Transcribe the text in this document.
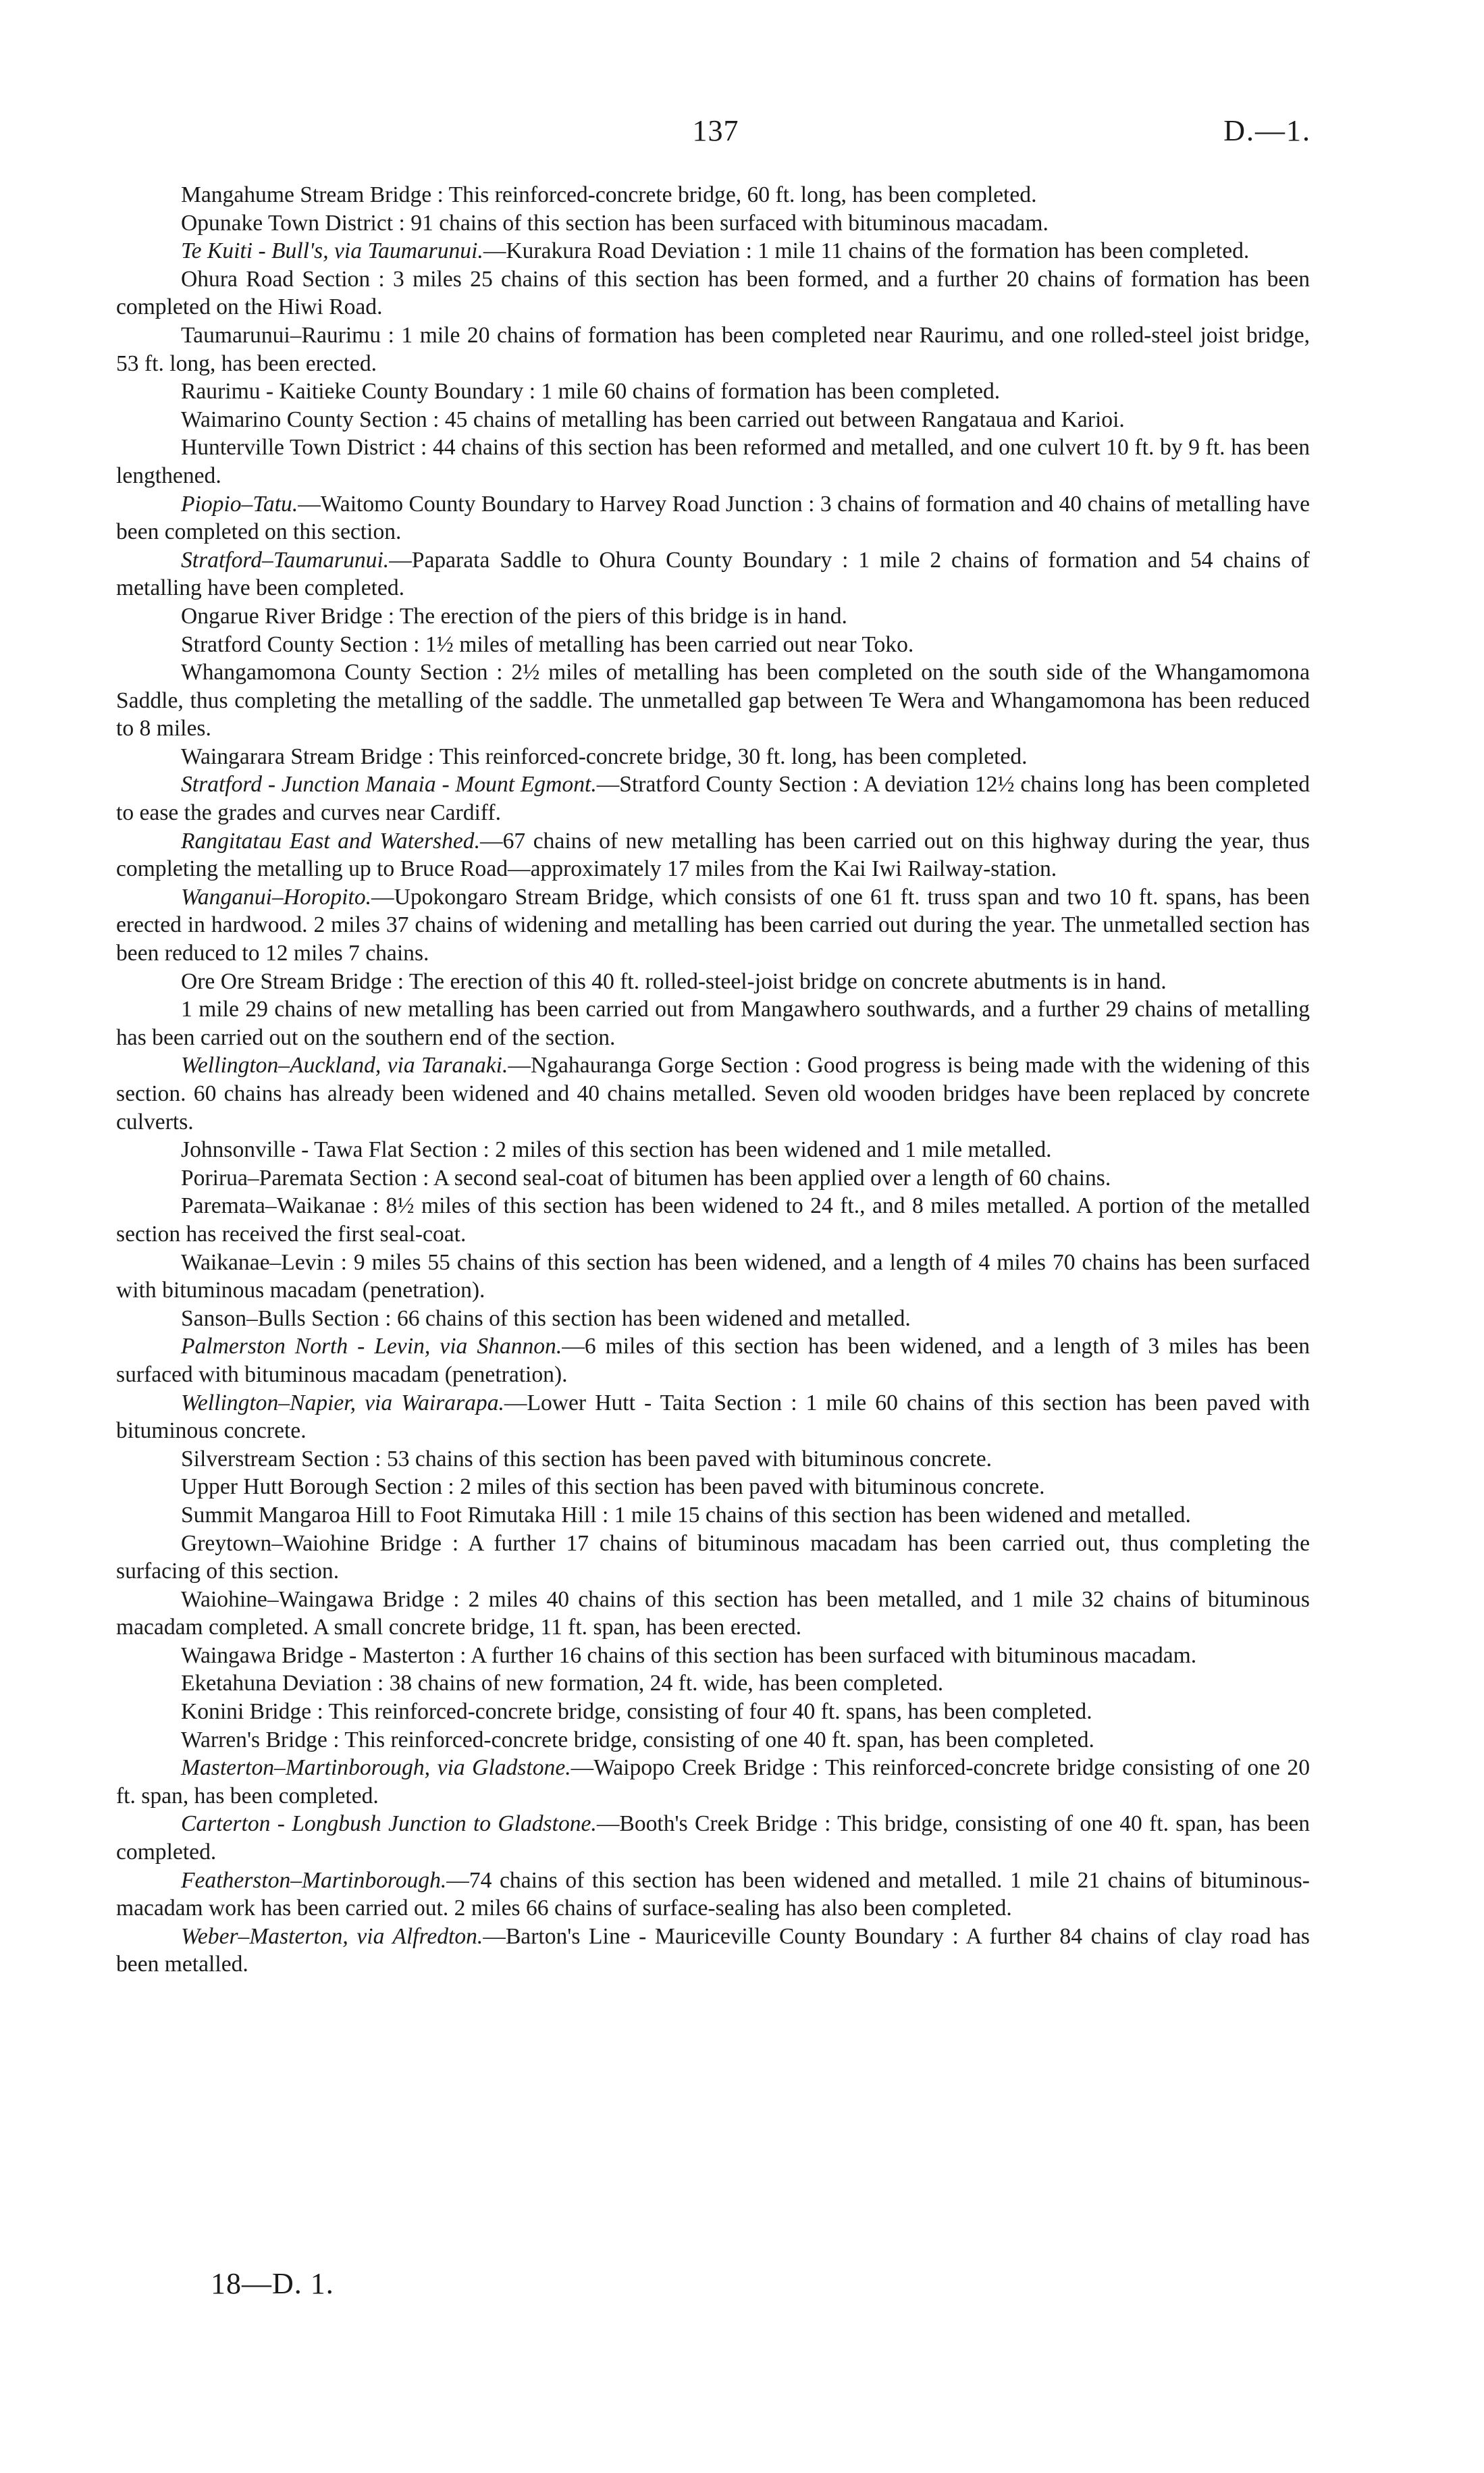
137	D.—1.

Mangahume Stream Bridge : This reinforced-concrete bridge, 60 ft. long, has been completed.

Opunake Town District : 91 chains of this section has been surfaced with bituminous macadam.

Te Kuiti - Bull's, via Taumarunui.—Kurakura Road Deviation : 1 mile 11 chains of the formation has been completed.

Ohura Road Section : 3 miles 25 chains of this section has been formed, and a further 20 chains of formation has been completed on the Hiwi Road.

Taumarunui–Raurimu : 1 mile 20 chains of formation has been completed near Raurimu, and one rolled-steel joist bridge, 53 ft. long, has been erected.

Raurimu - Kaitieke County Boundary : 1 mile 60 chains of formation has been completed.

Waimarino County Section : 45 chains of metalling has been carried out between Rangataua and Karioi.

Hunterville Town District : 44 chains of this section has been reformed and metalled, and one culvert 10 ft. by 9 ft. has been lengthened.

Piopio–Tatu.—Waitomo County Boundary to Harvey Road Junction : 3 chains of formation and 40 chains of metalling have been completed on this section.

Stratford–Taumarunui.—Paparata Saddle to Ohura County Boundary : 1 mile 2 chains of formation and 54 chains of metalling have been completed.

Ongarue River Bridge : The erection of the piers of this bridge is in hand.

Stratford County Section : 1½ miles of metalling has been carried out near Toko.

Whangamomona County Section : 2½ miles of metalling has been completed on the south side of the Whangamomona Saddle, thus completing the metalling of the saddle. The unmetalled gap between Te Wera and Whangamomona has been reduced to 8 miles.

Waingarara Stream Bridge : This reinforced-concrete bridge, 30 ft. long, has been completed.

Stratford - Junction Manaia - Mount Egmont.—Stratford County Section : A deviation 12½ chains long has been completed to ease the grades and curves near Cardiff.

Rangitatau East and Watershed.—67 chains of new metalling has been carried out on this highway during the year, thus completing the metalling up to Bruce Road—approximately 17 miles from the Kai Iwi Railway-station.

Wanganui–Horopito.—Upokongaro Stream Bridge, which consists of one 61 ft. truss span and two 10 ft. spans, has been erected in hardwood. 2 miles 37 chains of widening and metalling has been carried out during the year. The unmetalled section has been reduced to 12 miles 7 chains.

Ore Ore Stream Bridge : The erection of this 40 ft. rolled-steel-joist bridge on concrete abutments is in hand.

1 mile 29 chains of new metalling has been carried out from Mangawhero southwards, and a further 29 chains of metalling has been carried out on the southern end of the section.

Wellington–Auckland, via Taranaki.—Ngahauranga Gorge Section : Good progress is being made with the widening of this section. 60 chains has already been widened and 40 chains metalled. Seven old wooden bridges have been replaced by concrete culverts.

Johnsonville - Tawa Flat Section : 2 miles of this section has been widened and 1 mile metalled.

Porirua–Paremata Section : A second seal-coat of bitumen has been applied over a length of 60 chains.

Paremata–Waikanae : 8½ miles of this section has been widened to 24 ft., and 8 miles metalled. A portion of the metalled section has received the first seal-coat.

Waikanae–Levin : 9 miles 55 chains of this section has been widened, and a length of 4 miles 70 chains has been surfaced with bituminous macadam (penetration).

Sanson–Bulls Section : 66 chains of this section has been widened and metalled.

Palmerston North - Levin, via Shannon.—6 miles of this section has been widened, and a length of 3 miles has been surfaced with bituminous macadam (penetration).

Wellington–Napier, via Wairarapa.—Lower Hutt - Taita Section : 1 mile 60 chains of this section has been paved with bituminous concrete.

Silverstream Section : 53 chains of this section has been paved with bituminous concrete.

Upper Hutt Borough Section : 2 miles of this section has been paved with bituminous concrete.

Summit Mangaroa Hill to Foot Rimutaka Hill : 1 mile 15 chains of this section has been widened and metalled.

Greytown–Waiohine Bridge : A further 17 chains of bituminous macadam has been carried out, thus completing the surfacing of this section.

Waiohine–Waingawa Bridge : 2 miles 40 chains of this section has been metalled, and 1 mile 32 chains of bituminous macadam completed. A small concrete bridge, 11 ft. span, has been erected.

Waingawa Bridge - Masterton : A further 16 chains of this section has been surfaced with bituminous macadam.

Eketahuna Deviation : 38 chains of new formation, 24 ft. wide, has been completed.

Konini Bridge : This reinforced-concrete bridge, consisting of four 40 ft. spans, has been completed.

Warren's Bridge : This reinforced-concrete bridge, consisting of one 40 ft. span, has been completed.

Masterton–Martinborough, via Gladstone.—Waipopo Creek Bridge : This reinforced-concrete bridge consisting of one 20 ft. span, has been completed.

Carterton - Longbush Junction to Gladstone.—Booth's Creek Bridge : This bridge, consisting of one 40 ft. span, has been completed.

Featherston–Martinborough.—74 chains of this section has been widened and metalled. 1 mile 21 chains of bituminous-macadam work has been carried out. 2 miles 66 chains of surface-sealing has also been completed.

Weber–Masterton, via Alfredton.—Barton's Line - Mauriceville County Boundary : A further 84 chains of clay road has been metalled.

18—D. 1.
